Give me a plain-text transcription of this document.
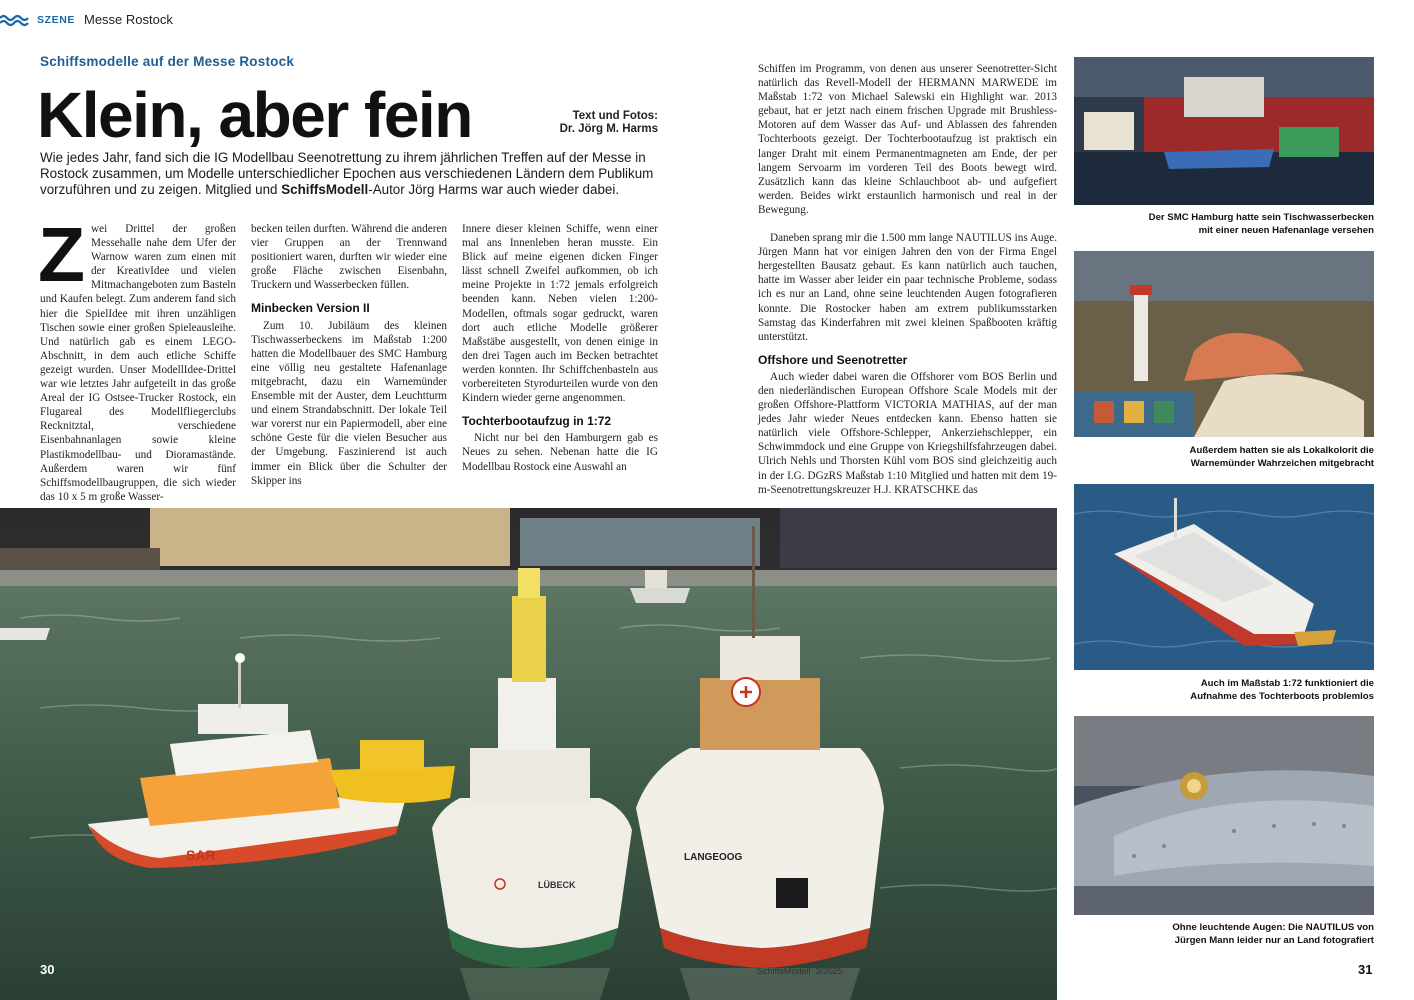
SZENE Messe Rostock
Schiffsmodelle auf der Messe Rostock
Klein, aber fein	Text und Fotos:
Dr. Jörg M. Harms
Wie jedes Jahr, fand sich die IG Modellbau Seenotrettung zu ihrem jährlichen Treffen auf der Messe in Rostock zusammen, um Modelle unterschiedlicher Epochen aus verschiedenen Ländern dem Publikum vorzuführen und zu zeigen. Mitglied und SchiffsModell-Autor Jörg Harms war auch wieder dabei.
Z wei Drittel der großen Messehalle nahe dem Ufer der Warnow waren zum einen mit der KreativIdee und vielen Mitmachangeboten zum Basteln und Kaufen belegt. Zum anderem fand sich hier die SpielIdee mit ihren unzähligen Tischen sowie einer großen Spieleausleihe. Und natürlich gab es einem LEGO-Abschnitt, in dem auch etliche Schiffe gezeigt wurden. Unser ModellIdee-Drittel war wie letztes Jahr aufgeteilt in das große Areal der IG Ostsee-Trucker Rostock, ein Flugareal des Modellfliegerclubs Recknitztal, verschiedene Eisenbahnanlagen sowie kleine Plastikmodellbau- und Dioramastände. Außerdem waren wir fünf Schiffsmodellbaugruppen, die sich wieder das 10 x 5 m große Wasser-

becken teilen durften. Während die anderen vier Gruppen an der Trennwand positioniert waren, durften wir wieder eine große Fläche zwischen Eisenbahn, Truckern und Wasserbecken füllen.

Minbecken Version II

Zum 10. Jubiläum des kleinen Tischwasserbeckens im Maßstab 1:200 hatten die Modellbauer des SMC Hamburg eine völlig neu gestaltete Hafenanlage mitgebracht, dazu ein Warnemünder Ensemble mit der Auster, dem Leuchtturm und einem Strandabschnitt. Der lokale Teil war vorerst nur ein Papiermodell, aber eine schöne Geste für die vielen Besucher aus der Umgebung. Faszinierend ist auch immer ein Blick über die Schulter der Skipper ins

Innere dieser kleinen Schiffe, wenn einer mal ans Innenleben heran musste. Ein Blick auf meine eigenen dicken Finger lässt schnell Zweifel aufkommen, ob ich meine Projekte in 1:72 jemals erfolgreich beenden kann. Neben vielen 1:200-Modellen, oftmals sogar gedruckt, waren dort auch etliche Modelle größerer Maßstäbe ausgestellt, von denen einige in den drei Tagen auch im Becken betrachtet werden konnten. Ihr Schiffchenbasteln aus vorbereiteten Styrodurteilen wurde von den Kindern wieder gerne angenommen.

Tochterbootaufzug in 1:72

Nicht nur bei den Hamburgern gab es Neues zu sehen. Nebenan hatte die IG Modellbau Rostock eine Auswahl an

Schiffen im Programm, von denen aus unserer Seenotretter-Sicht natürlich das Revell-Modell der HERMANN MARWEDE im Maßstab 1:72 von Michael Salewski ein Highlight war. 2013 gebaut, hat er jetzt nach einem frischen Upgrade mit Brushless-Motoren auf dem Wasser das Auf- und Ablassen des fahrenden Tochterboots gezeigt. Der Tochterbootaufzug ist praktisch ein langer Draht mit einem Permanentmagneten am Ende, der per langem Servoarm im vorderen Teil des Boots bewegt wird. Zusätzlich kann das kleine Schlauchboot ab- und aufgefiert werden. Beides wirkt erstaunlich harmonisch und real in der Bewegung.

Daneben sprang mir die 1.500 mm lange NAUTILUS ins Auge. Jürgen Mann hat vor einigen Jahren den von der Firma Engel hergestellten Bausatz gebaut. Es kann natürlich auch tauchen, hatte im Wasser aber leider ein paar technische Probleme, sodass ich es nur an Land, ohne seine leuchtenden Augen fotografieren konnte. Die Rostocker haben am extrem publikumsstarken Samstag das Kinderfahren mit zwei kleinen Spaßbooten kräftig unterstützt.

Offshore und Seenotretter

Auch wieder dabei waren die Offshorer vom BOS Berlin und den niederländischen European Offshore Scale Models mit der großen Offshore-Plattform VICTORIA MATHIAS, auf der man jedes Jahr wieder Neues entdecken kann. Ebenso hatten sie natürlich viele Offshore-Schlepper, Ankerziehschlepper, ein Schwimmdock und eine Gruppe von Kriegshilfsfahrzeugen dabei. Ulrich Nehls und Thorsten Kühl vom BOS sind gleichzeitig auch in der I.G. DGzRS Maßstab 1:10 Mitglied und hatten mit dem 19-m-Seenotrettungskreuzer H.J. KRATSCHKE das

SAR
LÜBECK
LANGEOOG
Der SMC Hamburg hatte sein Tischwasserbecken
mit einer neuen Hafenanlage versehen
Außerdem hatten sie als Lokalkolorit die
Warnemünder Wahrzeichen mitgebracht
Auch im Maßstab 1:72 funktioniert die
Aufnahme des Tochterboots problemlos
Ohne leuchtende Augen: Die NAUTILUS von
Jürgen Mann leider nur an Land fotografiert
30	SchiffsModell 3/2025	31
